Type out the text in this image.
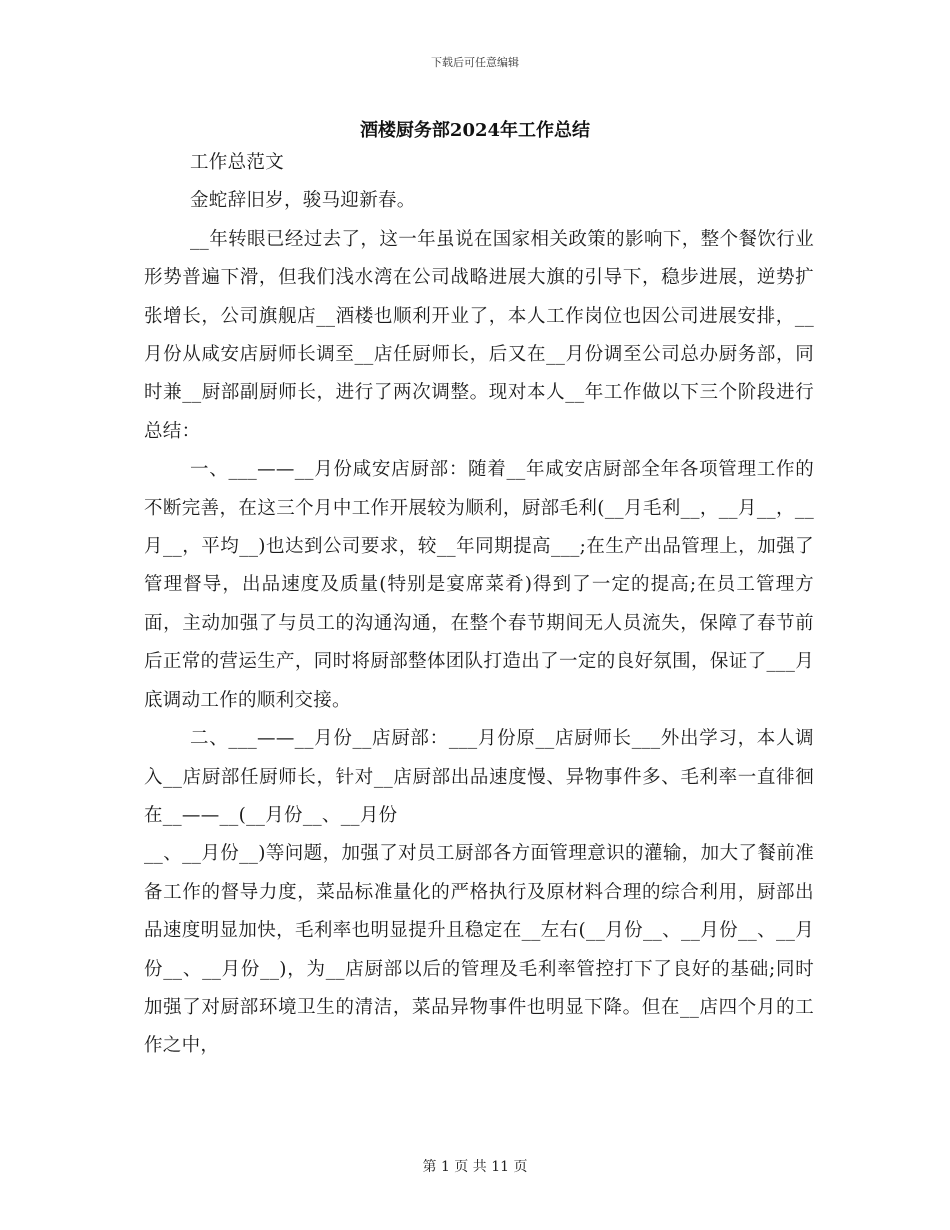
下载后可任意编辑
酒楼厨务部2024年工作总结

工作总范文

金蛇辞旧岁，骏马迎新春。

__年转眼已经过去了，这一年虽说在国家相关政策的影响下，整个餐饮行业形势普遍下滑，但我们浅水湾在公司战略进展大旗的引导下，稳步进展，逆势扩张增长，公司旗舰店__酒楼也顺利开业了，本人工作岗位也因公司进展安排，__月份从咸安店厨师长调至__店任厨师长，后又在__月份调至公司总办厨务部，同时兼__厨部副厨师长，进行了两次调整。现对本人__年工作做以下三个阶段进行总结：

一、___——__月份咸安店厨部：随着__年咸安店厨部全年各项管理工作的不断完善，在这三个月中工作开展较为顺利，厨部毛利(__月毛利__，__月__，__月__，平均__)也达到公司要求，较__年同期提高___;在生产出品管理上，加强了管理督导，出品速度及质量(特别是宴席菜肴)得到了一定的提高;在员工管理方面，主动加强了与员工的沟通沟通，在整个春节期间无人员流失，保障了春节前后正常的营运生产，同时将厨部整体团队打造出了一定的良好氛围，保证了___月底调动工作的顺利交接。

二、___——__月份__店厨部：___月份原__店厨师长___外出学习，本人调入__店厨部任厨师长，针对__店厨部出品速度慢、异物事件多、毛利率一直徘徊在__——__(__月份__、__月份

__、__月份__)等问题，加强了对员工厨部各方面管理意识的灌输，加大了餐前准备工作的督导力度，菜品标准量化的严格执行及原材料合理的综合利用，厨部出品速度明显加快，毛利率也明显提升且稳定在__左右(__月份__、__月份__、__月份__、__月份__)，为__店厨部以后的管理及毛利率管控打下了良好的基础;同时加强了对厨部环境卫生的清洁，菜品异物事件也明显下降。但在__店四个月的工作之中，

第 1 页 共 11 页
